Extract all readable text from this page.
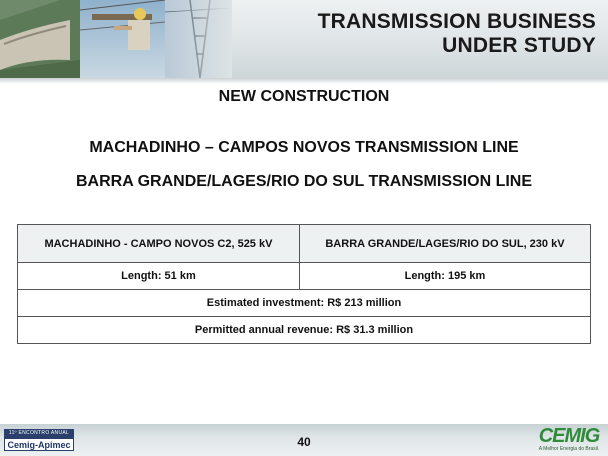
TRANSMISSION BUSINESS
UNDER STUDY
NEW CONSTRUCTION
MACHADINHO – CAMPOS NOVOS TRANSMISSION LINE
BARRA GRANDE/LAGES/RIO DO SUL TRANSMISSION LINE
MACHADINHO - CAMPO NOVOS C2, 525 kV	BARRA GRANDE/LAGES/RIO DO SUL, 230 kV
Length: 51 km	Length: 195 km
Estimated investment: R$ 213 million	
Permitted annual revenue: R$ 31.3 million	
11º ENCONTRO ANUAL
Cemig-Apimec	40	CEMIG
A Melhor Energia do Brasil.
